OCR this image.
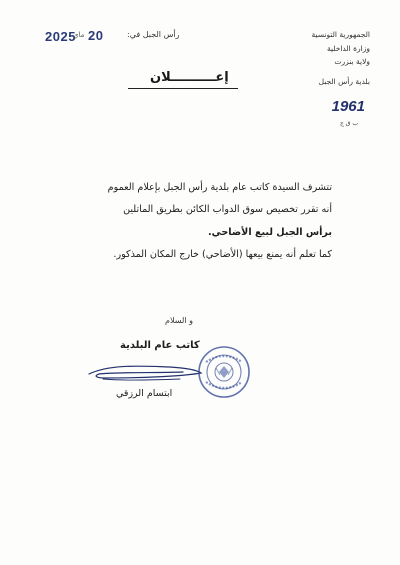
الجمهورية التونسية
وزارة الداخلية
ولاية بنزرت
بلدية رأس الجبل
رأس الجبل في:
2025
ماي 20
إعــــــــــلان
1961
ب ق ج
تتشرف السيدة كاتب عام بلدية رأس الجبل بإعلام العموم
أنه تقرر تخصيص سوق الدواب الكائن بطريق الماتلين
برأس الجبل لبيع الأضاحي.
كما تعلم أنه يمنع بيعها (الأضاحي) خارج المكان المذكور.
و السلام
كاتب عام البلدية
ابتسام الرزقي
